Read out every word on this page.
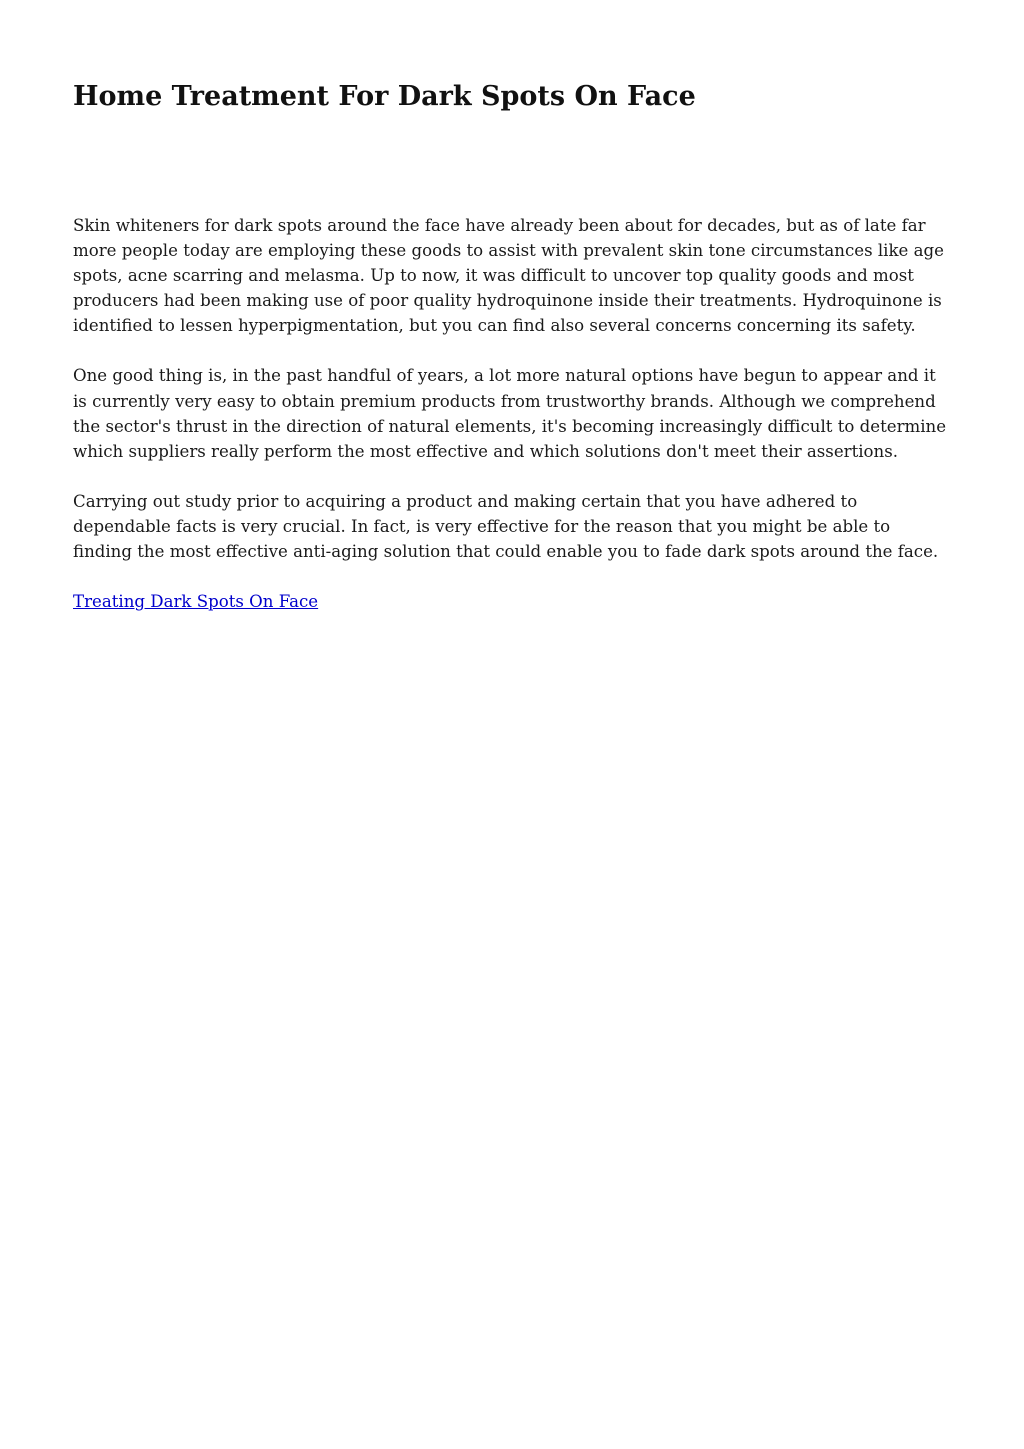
Home Treatment For Dark Spots On Face

Skin whiteners for dark spots around the face have already been about for decades, but as of late far more people today are employing these goods to assist with prevalent skin tone circumstances like age spots, acne scarring and melasma. Up to now, it was difficult to uncover top quality goods and most producers had been making use of poor quality hydroquinone inside their treatments. Hydroquinone is identified to lessen hyperpigmentation, but you can find also several concerns concerning its safety.

One good thing is, in the past handful of years, a lot more natural options have begun to appear and it is currently very easy to obtain premium products from trustworthy brands. Although we comprehend the sector's thrust in the direction of natural elements, it's becoming increasingly difficult to determine which suppliers really perform the most effective and which solutions don't meet their assertions.

Carrying out study prior to acquiring a product and making certain that you have adhered to dependable facts is very crucial. In fact, is very effective for the reason that you might be able to finding the most effective anti-aging solution that could enable you to fade dark spots around the face.

Treating Dark Spots On Face
